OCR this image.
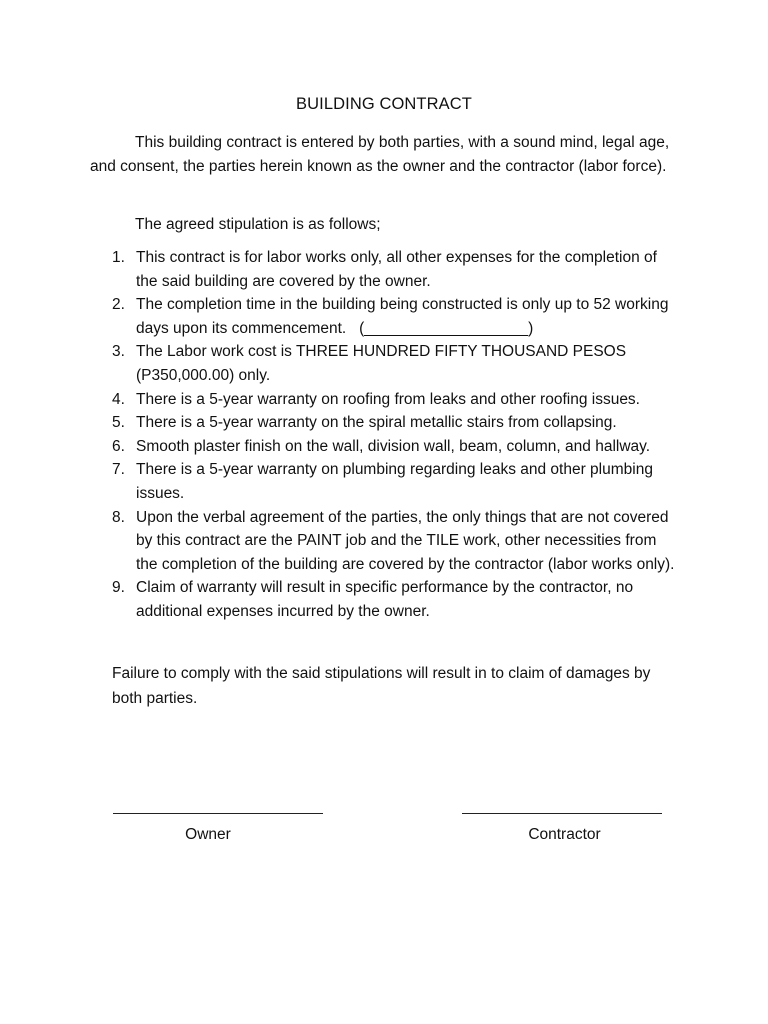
BUILDING CONTRACT

This building contract is entered by both parties, with a sound mind, legal age, and consent, the parties herein known as the owner and the contractor (labor force).

The agreed stipulation is as follows;
1. This contract is for labor works only, all other expenses for the completion of the said building are covered by the owner.
2. The completion time in the building being constructed is only up to 52 working days upon its commencement.   (___________________)
3. The Labor work cost is THREE HUNDRED FIFTY THOUSAND PESOS (P350,000.00) only.
4. There is a 5-year warranty on roofing from leaks and other roofing issues.
5. There is a 5-year warranty on the spiral metallic stairs from collapsing.
6. Smooth plaster finish on the wall, division wall, beam, column, and hallway.
7. There is a 5-year warranty on plumbing regarding leaks and other plumbing issues.
8. Upon the verbal agreement of the parties, the only things that are not covered by this contract are the PAINT job and the TILE work, other necessities from the completion of the building are covered by the contractor (labor works only).
9. Claim of warranty will result in specific performance by the contractor, no additional expenses incurred by the owner.

Failure to comply with the said stipulations will result in to claim of damages by both parties.

Owner	Contractor
